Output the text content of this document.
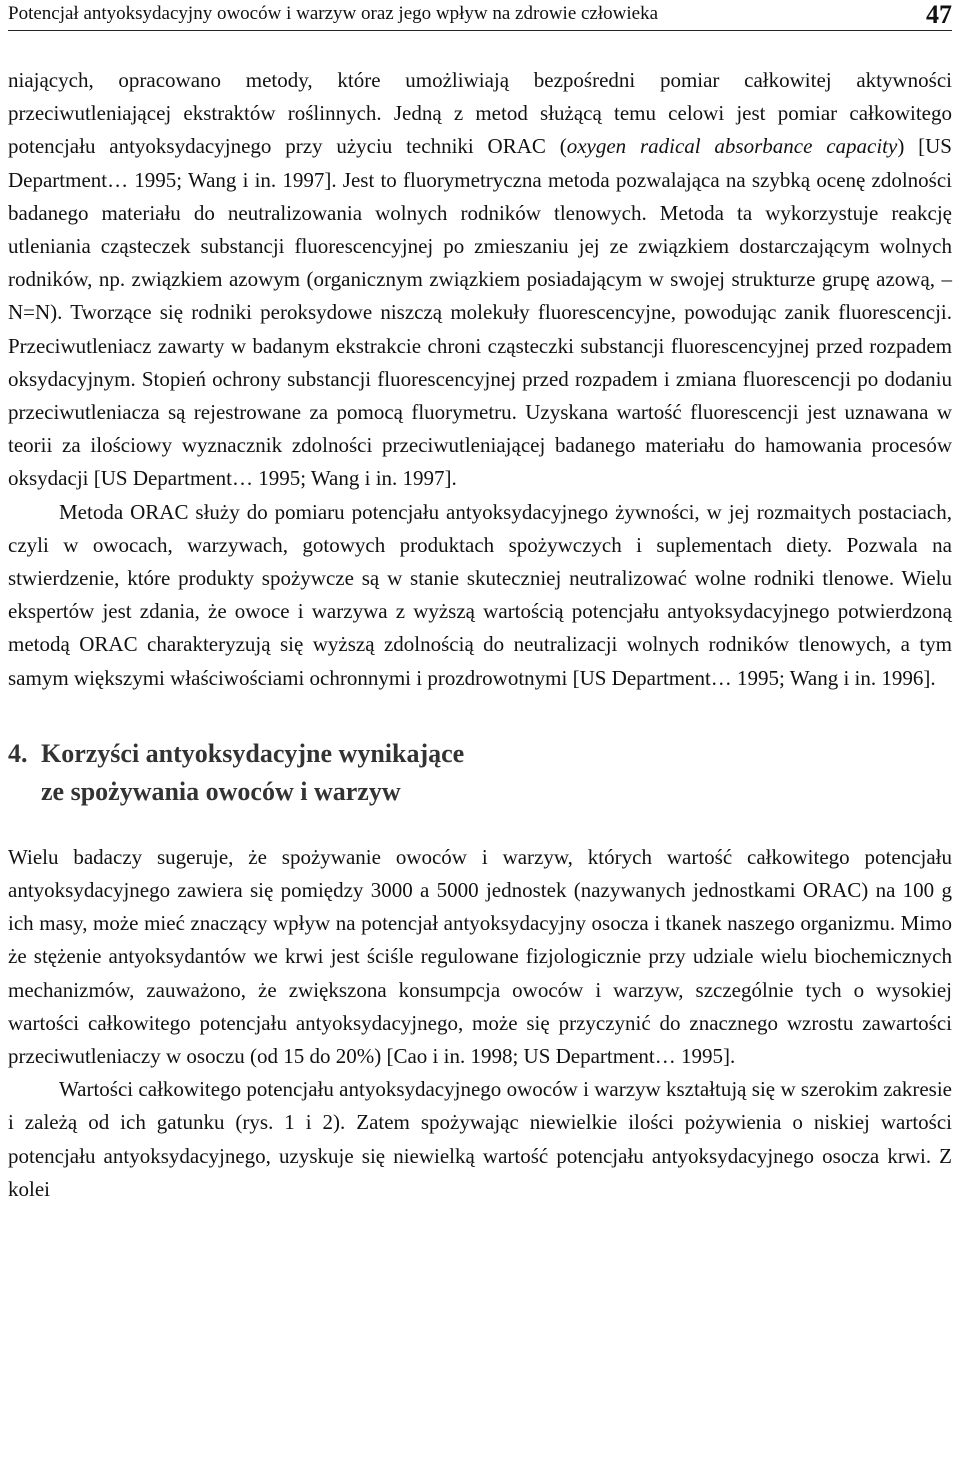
Potencjał antyoksydacyjny owoców i warzyw oraz jego wpływ na zdrowie człowieka	47

niających, opracowano metody, które umożliwiają bezpośredni pomiar całkowitej aktywności przeciwutleniającej ekstraktów roślinnych. Jedną z metod służącą temu celowi jest pomiar całkowitego potencjału antyoksydacyjnego przy użyciu techniki ORAC (oxygen radical absorbance capacity) [US Department… 1995; Wang i in. 1997]. Jest to fluorymetryczna metoda pozwalająca na szybką ocenę zdolności badanego materiału do neutralizowania wolnych rodników tlenowych. Metoda ta wykorzystuje reakcję utleniania cząsteczek substancji fluorescencyjnej po zmieszaniu jej ze związkiem dostarczającym wolnych rodników, np. związkiem azowym (organicznym związkiem posiadającym w swojej strukturze grupę azową, –N=N). Tworzące się rodniki peroksydowe niszczą molekuły fluorescencyjne, powodując zanik fluorescencji. Przeciwutleniacz zawarty w badanym ekstrakcie chroni cząsteczki substancji fluorescencyjnej przed rozpadem oksydacyjnym. Stopień ochrony substancji fluorescencyjnej przed rozpadem i zmiana fluorescencji po dodaniu przeciwutleniacza są rejestrowane za pomocą fluorymetru. Uzyskana wartość fluorescencji jest uznawana w teorii za ilościowy wyznacznik zdolności przeciwutleniającej badanego materiału do hamowania procesów oksydacji [US Department… 1995; Wang i in. 1997].

Metoda ORAC służy do pomiaru potencjału antyoksydacyjnego żywności, w jej rozmaitych postaciach, czyli w owocach, warzywach, gotowych produktach spożywczych i suplementach diety. Pozwala na stwierdzenie, które produkty spożywcze są w stanie skuteczniej neutralizować wolne rodniki tlenowe. Wielu ekspertów jest zdania, że owoce i warzywa z wyższą wartością potencjału antyoksydacyjnego potwierdzoną metodą ORAC charakteryzują się wyższą zdolnością do neutralizacji wolnych rodników tlenowych, a tym samym większymi właściwościami ochronnymi i prozdrowotnymi [US Department… 1995; Wang i in. 1996].

4. Korzyści antyoksydacyjne wynikające
ze spożywania owoców i warzyw

Wielu badaczy sugeruje, że spożywanie owoców i warzyw, których wartość całkowitego potencjału antyoksydacyjnego zawiera się pomiędzy 3000 a 5000 jednostek (nazywanych jednostkami ORAC) na 100 g ich masy, może mieć znaczący wpływ na potencjał antyoksydacyjny osocza i tkanek naszego organizmu. Mimo że stężenie antyoksydantów we krwi jest ściśle regulowane fizjologicznie przy udziale wielu biochemicznych mechanizmów, zauważono, że zwiększona konsumpcja owoców i warzyw, szczególnie tych o wysokiej wartości całkowitego potencjału antyoksydacyjnego, może się przyczynić do znacznego wzrostu zawartości przeciwutleniaczy w osoczu (od 15 do 20%) [Cao i in. 1998; US Department… 1995].

Wartości całkowitego potencjału antyoksydacyjnego owoców i warzyw kształtują się w szerokim zakresie i zależą od ich gatunku (rys. 1 i 2). Zatem spożywając niewielkie ilości pożywienia o niskiej wartości potencjału antyoksydacyjnego, uzyskuje się niewielką wartość potencjału antyoksydacyjnego osocza krwi. Z kolei
